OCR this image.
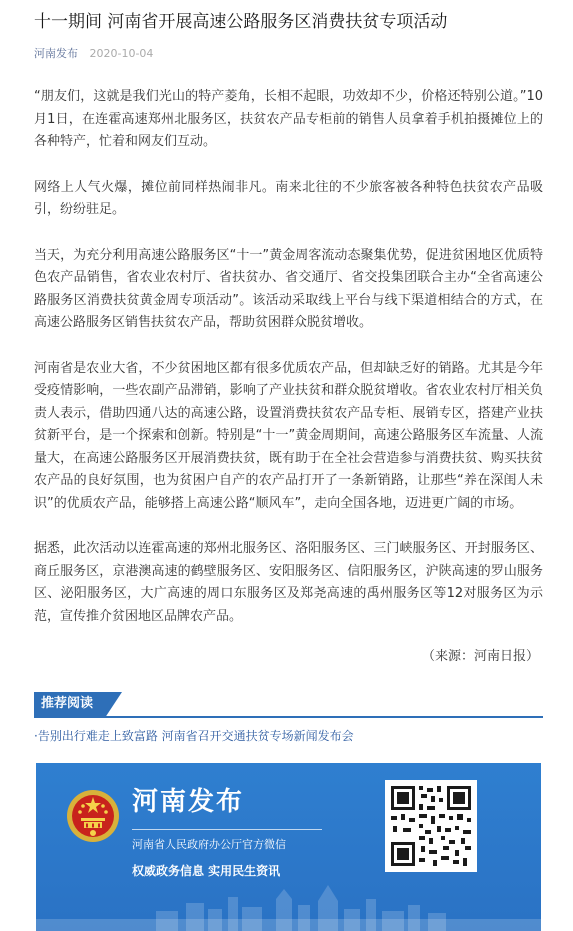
十一期间 河南省开展高速公路服务区消费扶贫专项活动
河南发布 2020-10-04

“朋友们，这就是我们光山的特产菱角，长相不起眼，功效却不少，价格还特别公道。”10月1日，在连霍高速郑州北服务区，扶贫农产品专柜前的销售人员拿着手机拍摄摊位上的各种特产，忙着和网友们互动。

网络上人气火爆，摊位前同样热闹非凡。南来北往的不少旅客被各种特色扶贫农产品吸引，纷纷驻足。

当天，为充分利用高速公路服务区“十一”黄金周客流动态聚集优势，促进贫困地区优质特色农产品销售，省农业农村厅、省扶贫办、省交通厅、省交投集团联合主办“全省高速公路服务区消费扶贫黄金周专项活动”。该活动采取线上平台与线下渠道相结合的方式，在高速公路服务区销售扶贫农产品，帮助贫困群众脱贫增收。

河南省是农业大省，不少贫困地区都有很多优质农产品，但却缺乏好的销路。尤其是今年受疫情影响，一些农副产品滞销，影响了产业扶贫和群众脱贫增收。省农业农村厅相关负责人表示，借助四通八达的高速公路，设置消费扶贫农产品专柜、展销专区，搭建产业扶贫新平台，是一个探索和创新。特别是“十一”黄金周期间，高速公路服务区车流量、人流量大，在高速公路服务区开展消费扶贫，既有助于在全社会营造参与消费扶贫、购买扶贫农产品的良好氛围，也为贫困户自产的农产品打开了一条新销路，让那些“养在深闺人未识”的优质农产品，能够搭上高速公路“顺风车”，走向全国各地，迈进更广阔的市场。

据悉，此次活动以连霍高速的郑州北服务区、洛阳服务区、三门峡服务区、开封服务区、商丘服务区，京港澳高速的鹤壁服务区、安阳服务区、信阳服务区，沪陕高速的罗山服务区、泌阳服务区，大广高速的周口东服务区及郑尧高速的禹州服务区等12对服务区为示范，宣传推介贫困地区品牌农产品。

（来源：河南日报）
推荐阅读
·告别出行难走上致富路 河南省召开交通扶贫专场新闻发布会
河南发布
河南省人民政府办公厅官方微信
权威政务信息 实用民生资讯
